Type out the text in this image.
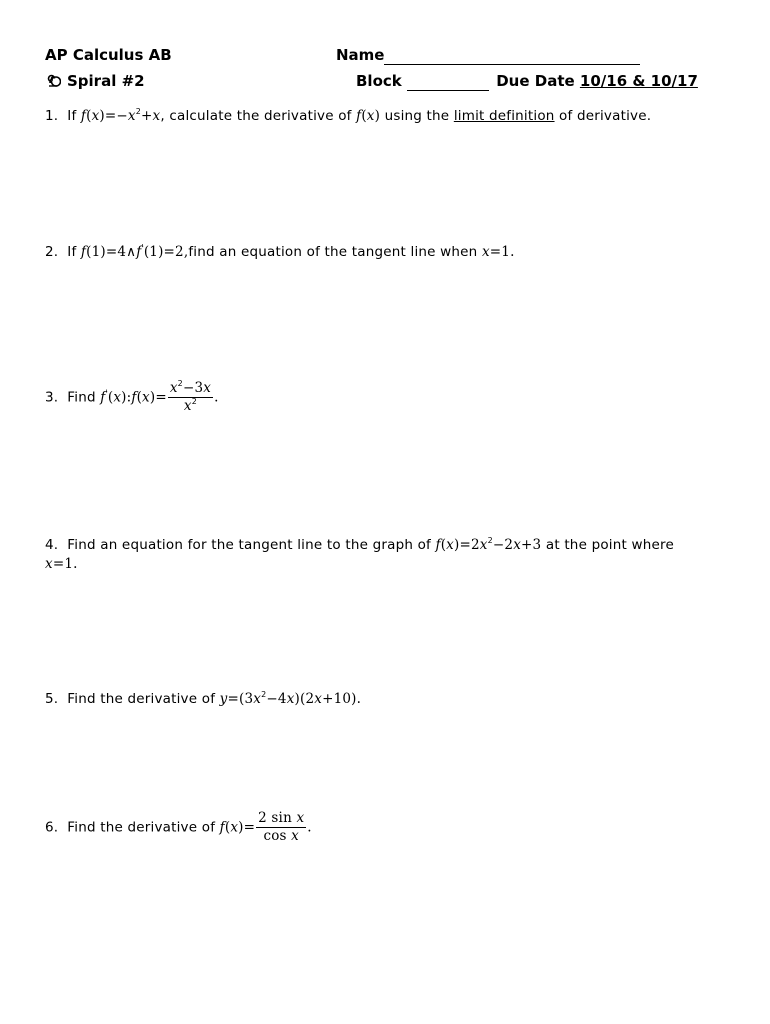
AP Calculus AB	Name
Spiral #2	Block	Due Date 10/16 & 10/17
1. If $f(x)=-x^2+x$, calculate the derivative of f(x) using the limit definition of derivative.
2. If f(1)=4∧f'(1)=2,find an equation of the tangent line when x=1.
3. Find f'(x):f(x)= $\frac{x^2-3x}{x^2}$ .
4. Find an equation for the tangent line to the graph of $f(x)=2x^2-2x+3$ at the point where
x=1.
5. Find the derivative of $y=(3x^2-4x)(2x+10)$.
6. Find the derivative of $f(x)= \frac{\text{2 sin x}}{\text{cos x}}$ .
